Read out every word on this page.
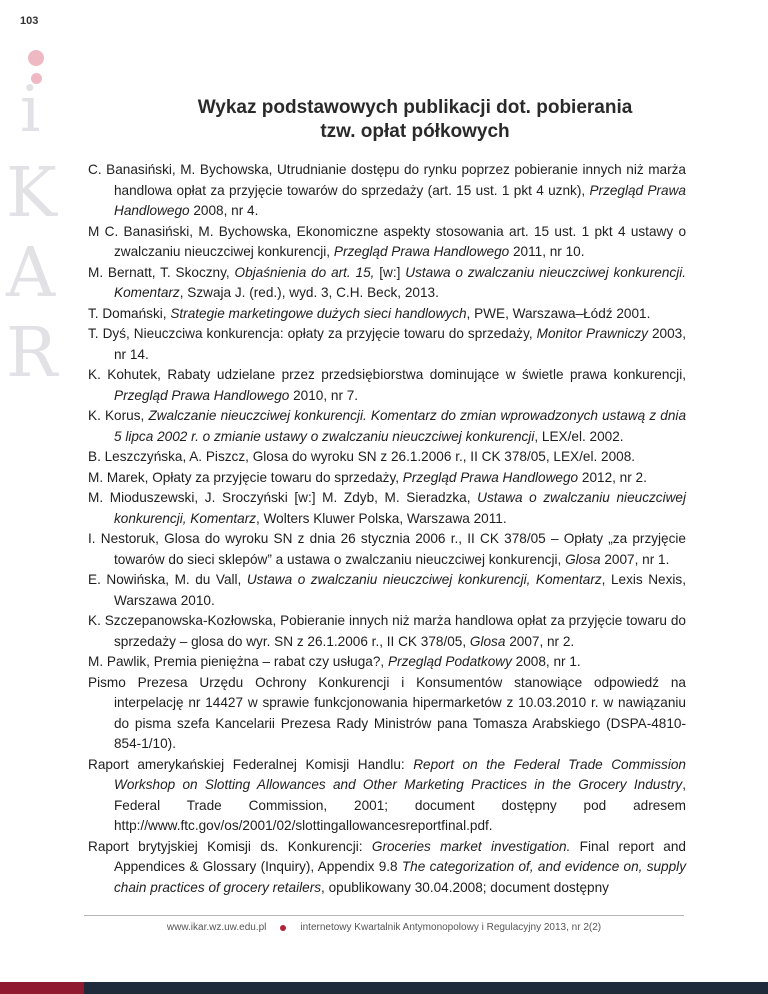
103
i
K
A
R
Wykaz podstawowych publikacji dot. pobierania
tzw. opłat półkowych

C. Banasiński, M. Bychowska, Utrudnianie dostępu do rynku poprzez pobieranie innych niż marża handlowa opłat za przyjęcie towarów do sprzedaży (art. 15 ust. 1 pkt 4 uznk), Przegląd Prawa Handlowego 2008, nr 4.

M C. Banasiński, M. Bychowska, Ekonomiczne aspekty stosowania art. 15 ust. 1 pkt 4 ustawy o zwalczaniu nieuczciwej konkurencji, Przegląd Prawa Handlowego 2011, nr 10.

M. Bernatt, T. Skoczny, Objaśnienia do art. 15, [w:] Ustawa o zwalczaniu nieuczciwej konkurencji. Komentarz, Szwaja J. (red.), wyd. 3, C.H. Beck, 2013.

T. Domański, Strategie marketingowe dużych sieci handlowych, PWE, Warszawa–Łódź 2001.

T. Dyś, Nieuczciwa konkurencja: opłaty za przyjęcie towaru do sprzedaży, Monitor Prawniczy 2003, nr 14.

K. Kohutek, Rabaty udzielane przez przedsiębiorstwa dominujące w świetle prawa konkurencji, Przegląd Prawa Handlowego 2010, nr 7.

K. Korus, Zwalczanie nieuczciwej konkurencji. Komentarz do zmian wprowadzonych ustawą z dnia 5 lipca 2002 r. o zmianie ustawy o zwalczaniu nieuczciwej konkurencji, LEX/el. 2002.

B. Leszczyńska, A. Piszcz, Glosa do wyroku SN z 26.1.2006 r., II CK 378/05, LEX/el. 2008.

M. Marek, Opłaty za przyjęcie towaru do sprzedaży, Przegląd Prawa Handlowego 2012, nr 2.

M. Mioduszewski, J. Sroczyński [w:] M. Zdyb, M. Sieradzka, Ustawa o zwalczaniu nieuczciwej konkurencji, Komentarz, Wolters Kluwer Polska, Warszawa 2011.

I. Nestoruk, Glosa do wyroku SN z dnia 26 stycznia 2006 r., II CK 378/05 – Opłaty „za przyjęcie towarów do sieci sklepów” a ustawa o zwalczaniu nieuczciwej konkurencji, Glosa 2007, nr 1.

E. Nowińska, M. du Vall, Ustawa o zwalczaniu nieuczciwej konkurencji, Komentarz, Lexis Nexis, Warszawa 2010.

K. Szczepanowska-Kozłowska, Pobieranie innych niż marża handlowa opłat za przyjęcie towaru do sprzedaży – glosa do wyr. SN z 26.1.2006 r., II CK 378/05, Glosa 2007, nr 2.

M. Pawlik, Premia pieniężna – rabat czy usługa?, Przegląd Podatkowy 2008, nr 1.

Pismo Prezesa Urzędu Ochrony Konkurencji i Konsumentów stanowiące odpowiedź na interpelację nr 14427 w sprawie funkcjonowania hipermarketów z 10.03.2010 r. w nawiązaniu do pisma szefa Kancelarii Prezesa Rady Ministrów pana Tomasza Arabskiego (DSPA-4810-854-1/10).

Raport amerykańskiej Federalnej Komisji Handlu: Report on the Federal Trade Commission Workshop on Slotting Allowances and Other Marketing Practices in the Grocery Industry, Federal Trade Commission, 2001; document dostępny pod adresem http://www.ftc.gov/os/2001/02/slottingallowancesreportfinal.pdf.

Raport brytyjskiej Komisji ds. Konkurencji: Groceries market investigation. Final report and Appendices & Glossary (Inquiry), Appendix 9.8 The categorization of, and evidence on, supply chain practices of grocery retailers, opublikowany 30.04.2008; document dostępny

www.ikar.wz.uw.edu.pl	internetowy Kwartalnik Antymonopolowy i Regulacyjny 2013, nr 2(2)
